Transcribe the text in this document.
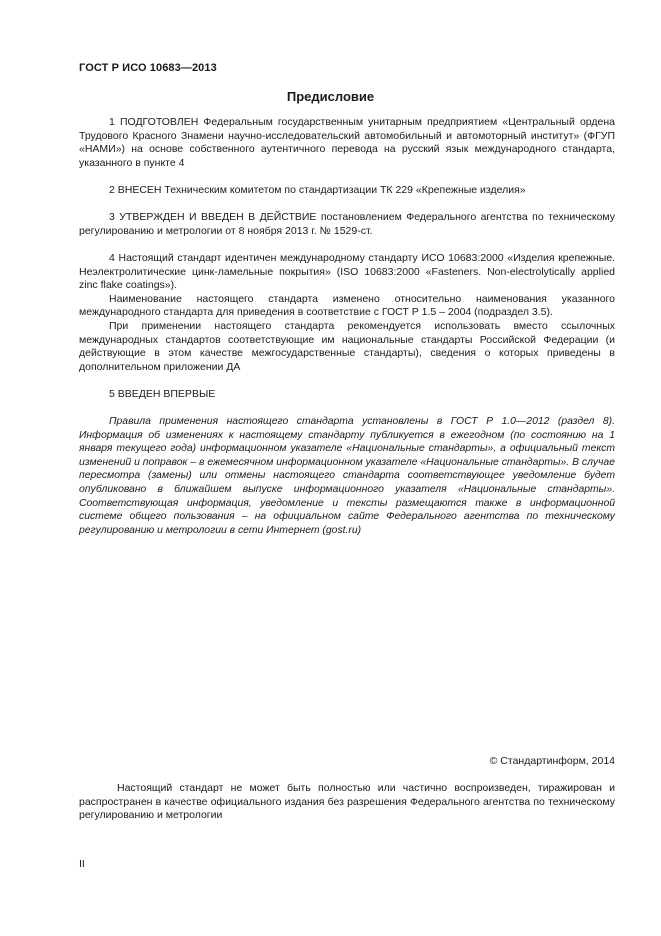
ГОСТ Р ИСО 10683—2013
Предисловие

1 ПОДГОТОВЛЕН Федеральным государственным унитарным предприятием «Центральный ордена Трудового Красного Знамени научно-исследовательский автомобильный и автомоторный институт» (ФГУП «НАМИ») на основе собственного аутентичного перевода на русский язык международного стандарта, указанного в пункте 4

2 ВНЕСЕН Техническим комитетом по стандартизации ТК 229 «Крепежные изделия»

3 УТВЕРЖДЕН И ВВЕДЕН В ДЕЙСТВИЕ постановлением Федерального агентства по техническому регулированию и метрологии от 8 ноября 2013 г. № 1529-ст.

4 Настоящий стандарт идентичен международному стандарту ИСО 10683:2000 «Изделия крепежные. Неэлектролитические цинк-ламельные покрытия» (ISO 10683:2000 «Fasteners. Non-electrolytically applied zinc flake coatings»).

Наименование настоящего стандарта изменено относительно наименования указанного международного стандарта для приведения в соответствие с ГОСТ Р 1.5 – 2004 (подраздел 3.5).

При применении настоящего стандарта рекомендуется использовать вместо ссылочных международных стандартов соответствующие им национальные стандарты Российской Федерации (и действующие в этом качестве межгосударственные стандарты), сведения о которых приведены в дополнительном приложении ДА

5 ВВЕДЕН ВПЕРВЫЕ

Правила применения настоящего стандарта установлены в ГОСТ Р 1.0—2012 (раздел 8). Информация об изменениях к настоящему стандарту публикуется в ежегодном (по состоянию на 1 января текущего года) информационном указателе «Национальные стандарты», а официальный текст изменений и поправок – в ежемесячном информационном указателе «Национальные стандарты». В случае пересмотра (замены) или отмены настоящего стандарта соответствующее уведомление будет опубликовано в ближайшем выпуске информационного указателя «Национальные стандарты». Соответствующая информация, уведомление и тексты размещаются также в информационной системе общего пользования – на официальном сайте Федерального агентства по техническому регулированию и метрологии в сети Интернет (gost.ru)

© Стандартинформ, 2014
Настоящий стандарт не может быть полностью или частично воспроизведен, тиражирован и распространен в качестве официального издания без разрешения Федерального агентства по техническому регулированию и метрологии
II
